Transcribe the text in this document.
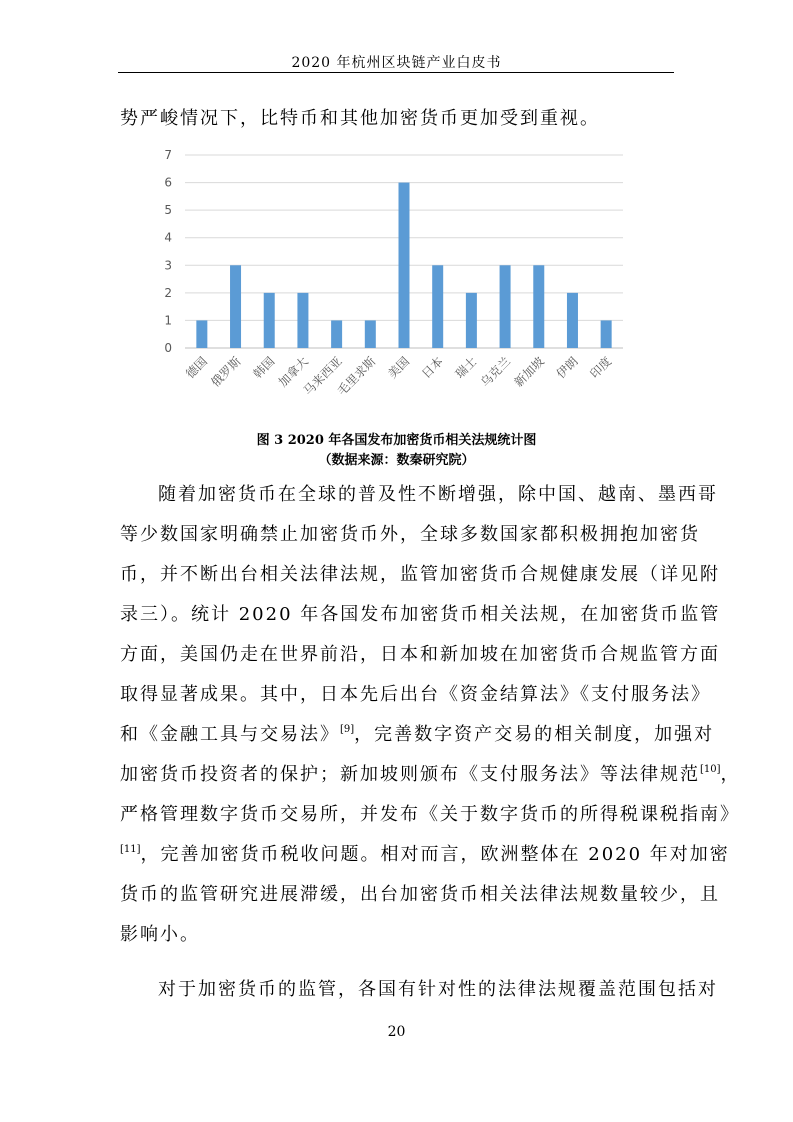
2020 年杭州区块链产业白皮书
势严峻情况下，比特币和其他加密货币更加受到重视。
0
1
2
3
4
5
6
7
德国
俄罗斯 韩国
加拿大
马来西亚
毛里求斯 美国 日本 瑞士
乌克兰
新加坡 伊朗 印度
图 3 2020 年各国发布加密货币相关法规统计图
（数据来源：数秦研究院）
随着加密货币在全球的普及性不断增强，除中国、越南、墨西哥
等少数国家明确禁止加密货币外，全球多数国家都积极拥抱加密货
币，并不断出台相关法律法规，监管加密货币合规健康发展（详见附
录三）。统计 2020 年各国发布加密货币相关法规，在加密货币监管
方面，美国仍走在世界前沿，日本和新加坡在加密货币合规监管方面
取得显著成果。其中，日本先后出台《资金结算法》《支付服务法》
和《金融工具与交易法》[9]，完善数字资产交易的相关制度，加强对
加密货币投资者的保护；新加坡则颁布《支付服务法》等法律规范[10]，
严格管理数字货币交易所，并发布《关于数字货币的所得税课税指南》
[11]，完善加密货币税收问题。相对而言，欧洲整体在 2020 年对加密
货币的监管研究进展滞缓，出台加密货币相关法律法规数量较少，且
影响小。
对于加密货币的监管，各国有针对性的法律法规覆盖范围包括对
20
